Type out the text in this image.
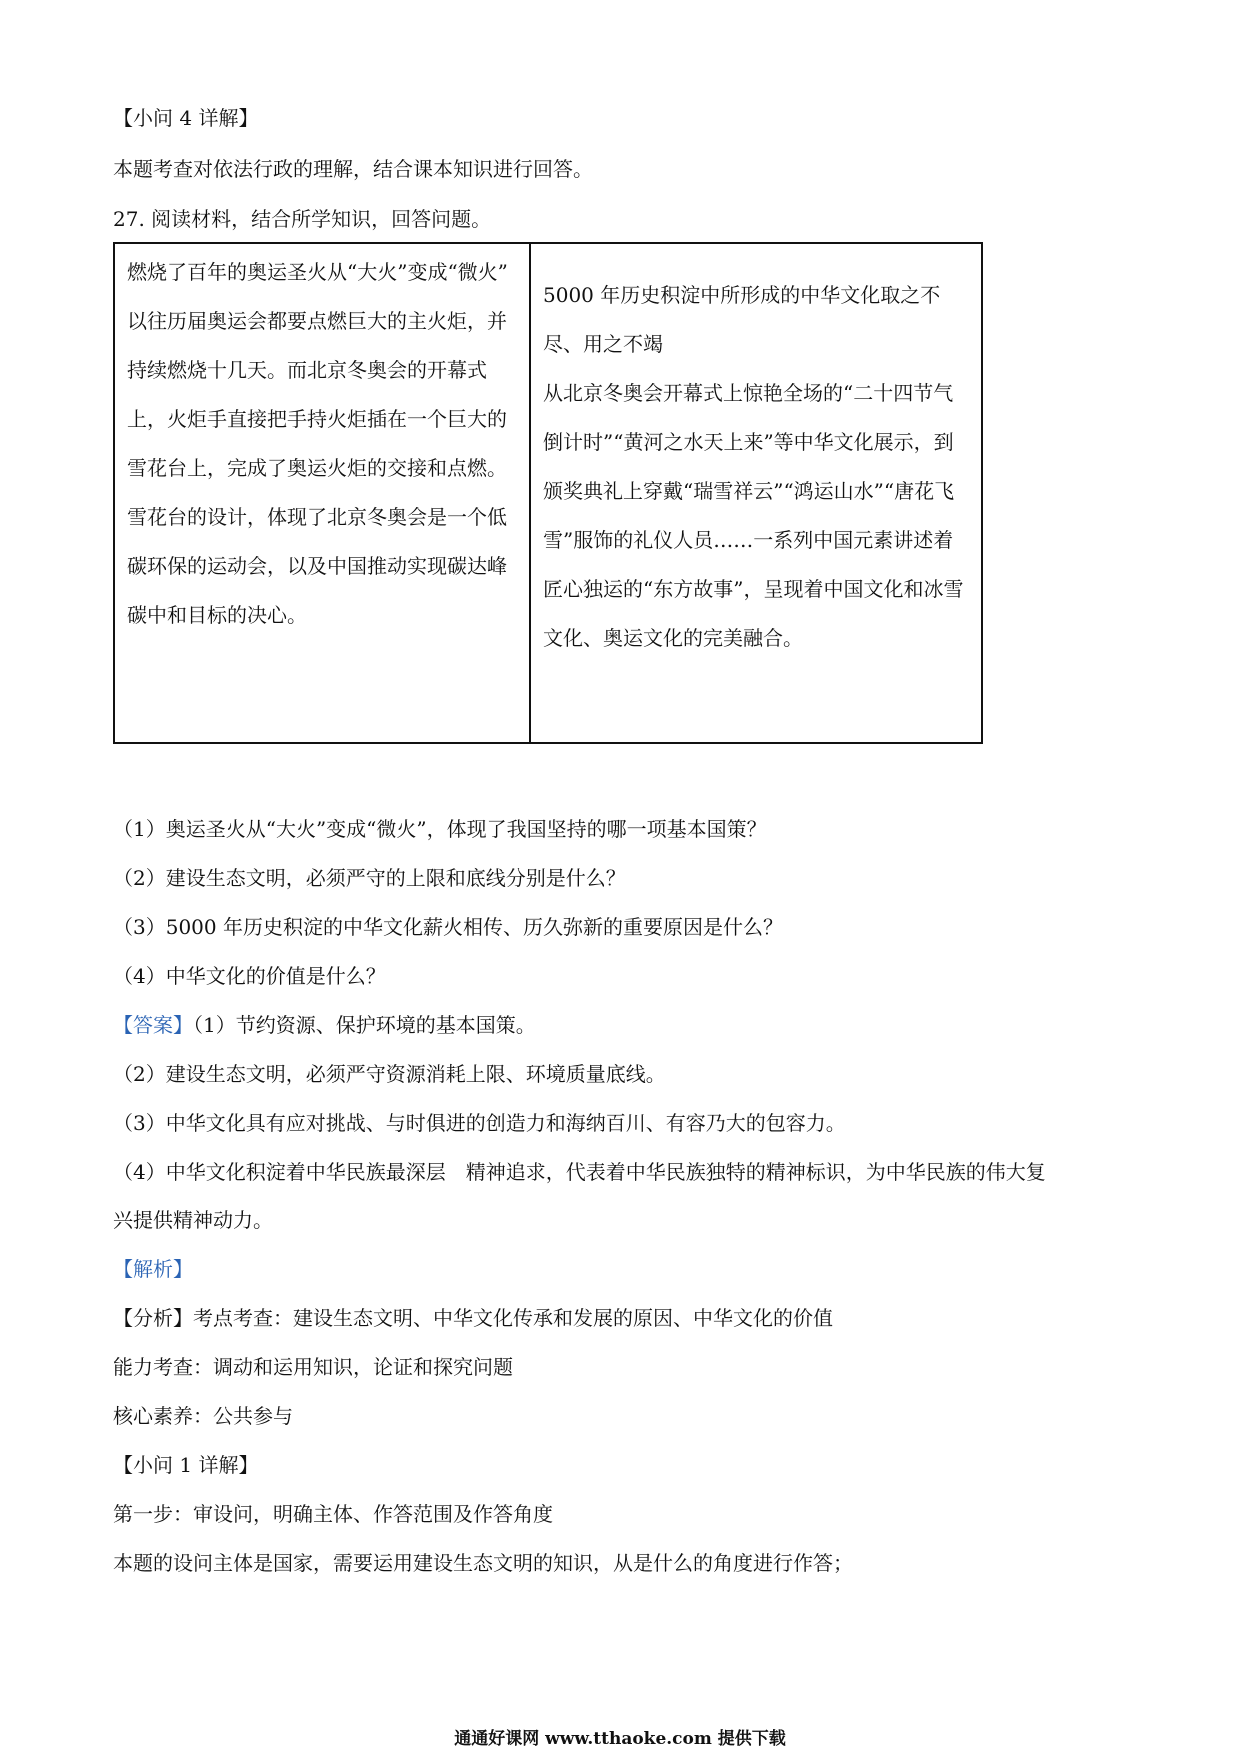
【小问 4 详解】
本题考查对依法行政的理解，结合课本知识进行回答。
27. 阅读材料，结合所学知识，回答问题。

燃烧了百年的奥运圣火从“大火”变成“微火”

以往历届奥运会都要点燃巨大的主火炬，并持续燃烧十几天。而北京冬奥会的开幕式上，火炬手直接把手持火炬插在一个巨大的雪花台上，完成了奥运火炬的交接和点燃。雪花台的设计，体现了北京冬奥会是一个低碳环保的运动会，以及中国推动实现碳达峰碳中和目标的决心。

5000 年历史积淀中所形成的中华文化取之不尽、用之不竭

从北京冬奥会开幕式上惊艳全场的“二十四节气倒计时”“黄河之水天上来”等中华文化展示，到颁奖典礼上穿戴“瑞雪祥云”“鸿运山水”“唐花飞雪”服饰的礼仪人员……一系列中国元素讲述着匠心独运的“东方故事”，呈现着中国文化和冰雪文化、奥运文化的完美融合。

（1）奥运圣火从“大火”变成“微火”，体现了我国坚持的哪一项基本国策？
（2）建设生态文明，必须严守的上限和底线分别是什么？
（3）5000 年历史积淀的中华文化薪火相传、历久弥新的重要原因是什么？
（4）中华文化的价值是什么？
【答案】（1）节约资源、保护环境的基本国策。
（2）建设生态文明，必须严守资源消耗上限、环境质量底线。
（3）中华文化具有应对挑战、与时俱进的创造力和海纳百川、有容乃大的包容力。
（4）中华文化积淀着中华民族最深层　精神追求，代表着中华民族独特的精神标识，为中华民族的伟大复
兴提供精神动力。
【解析】
【分析】考点考查：建设生态文明、中华文化传承和发展的原因、中华文化的价值
能力考查：调动和运用知识，论证和探究问题
核心素养：公共参与
【小问 1 详解】
第一步：审设问，明确主体、作答范围及作答角度
本题的设问主体是国家，需要运用建设生态文明的知识，从是什么的角度进行作答；
通通好课网 www.tthaoke.com 提供下载
